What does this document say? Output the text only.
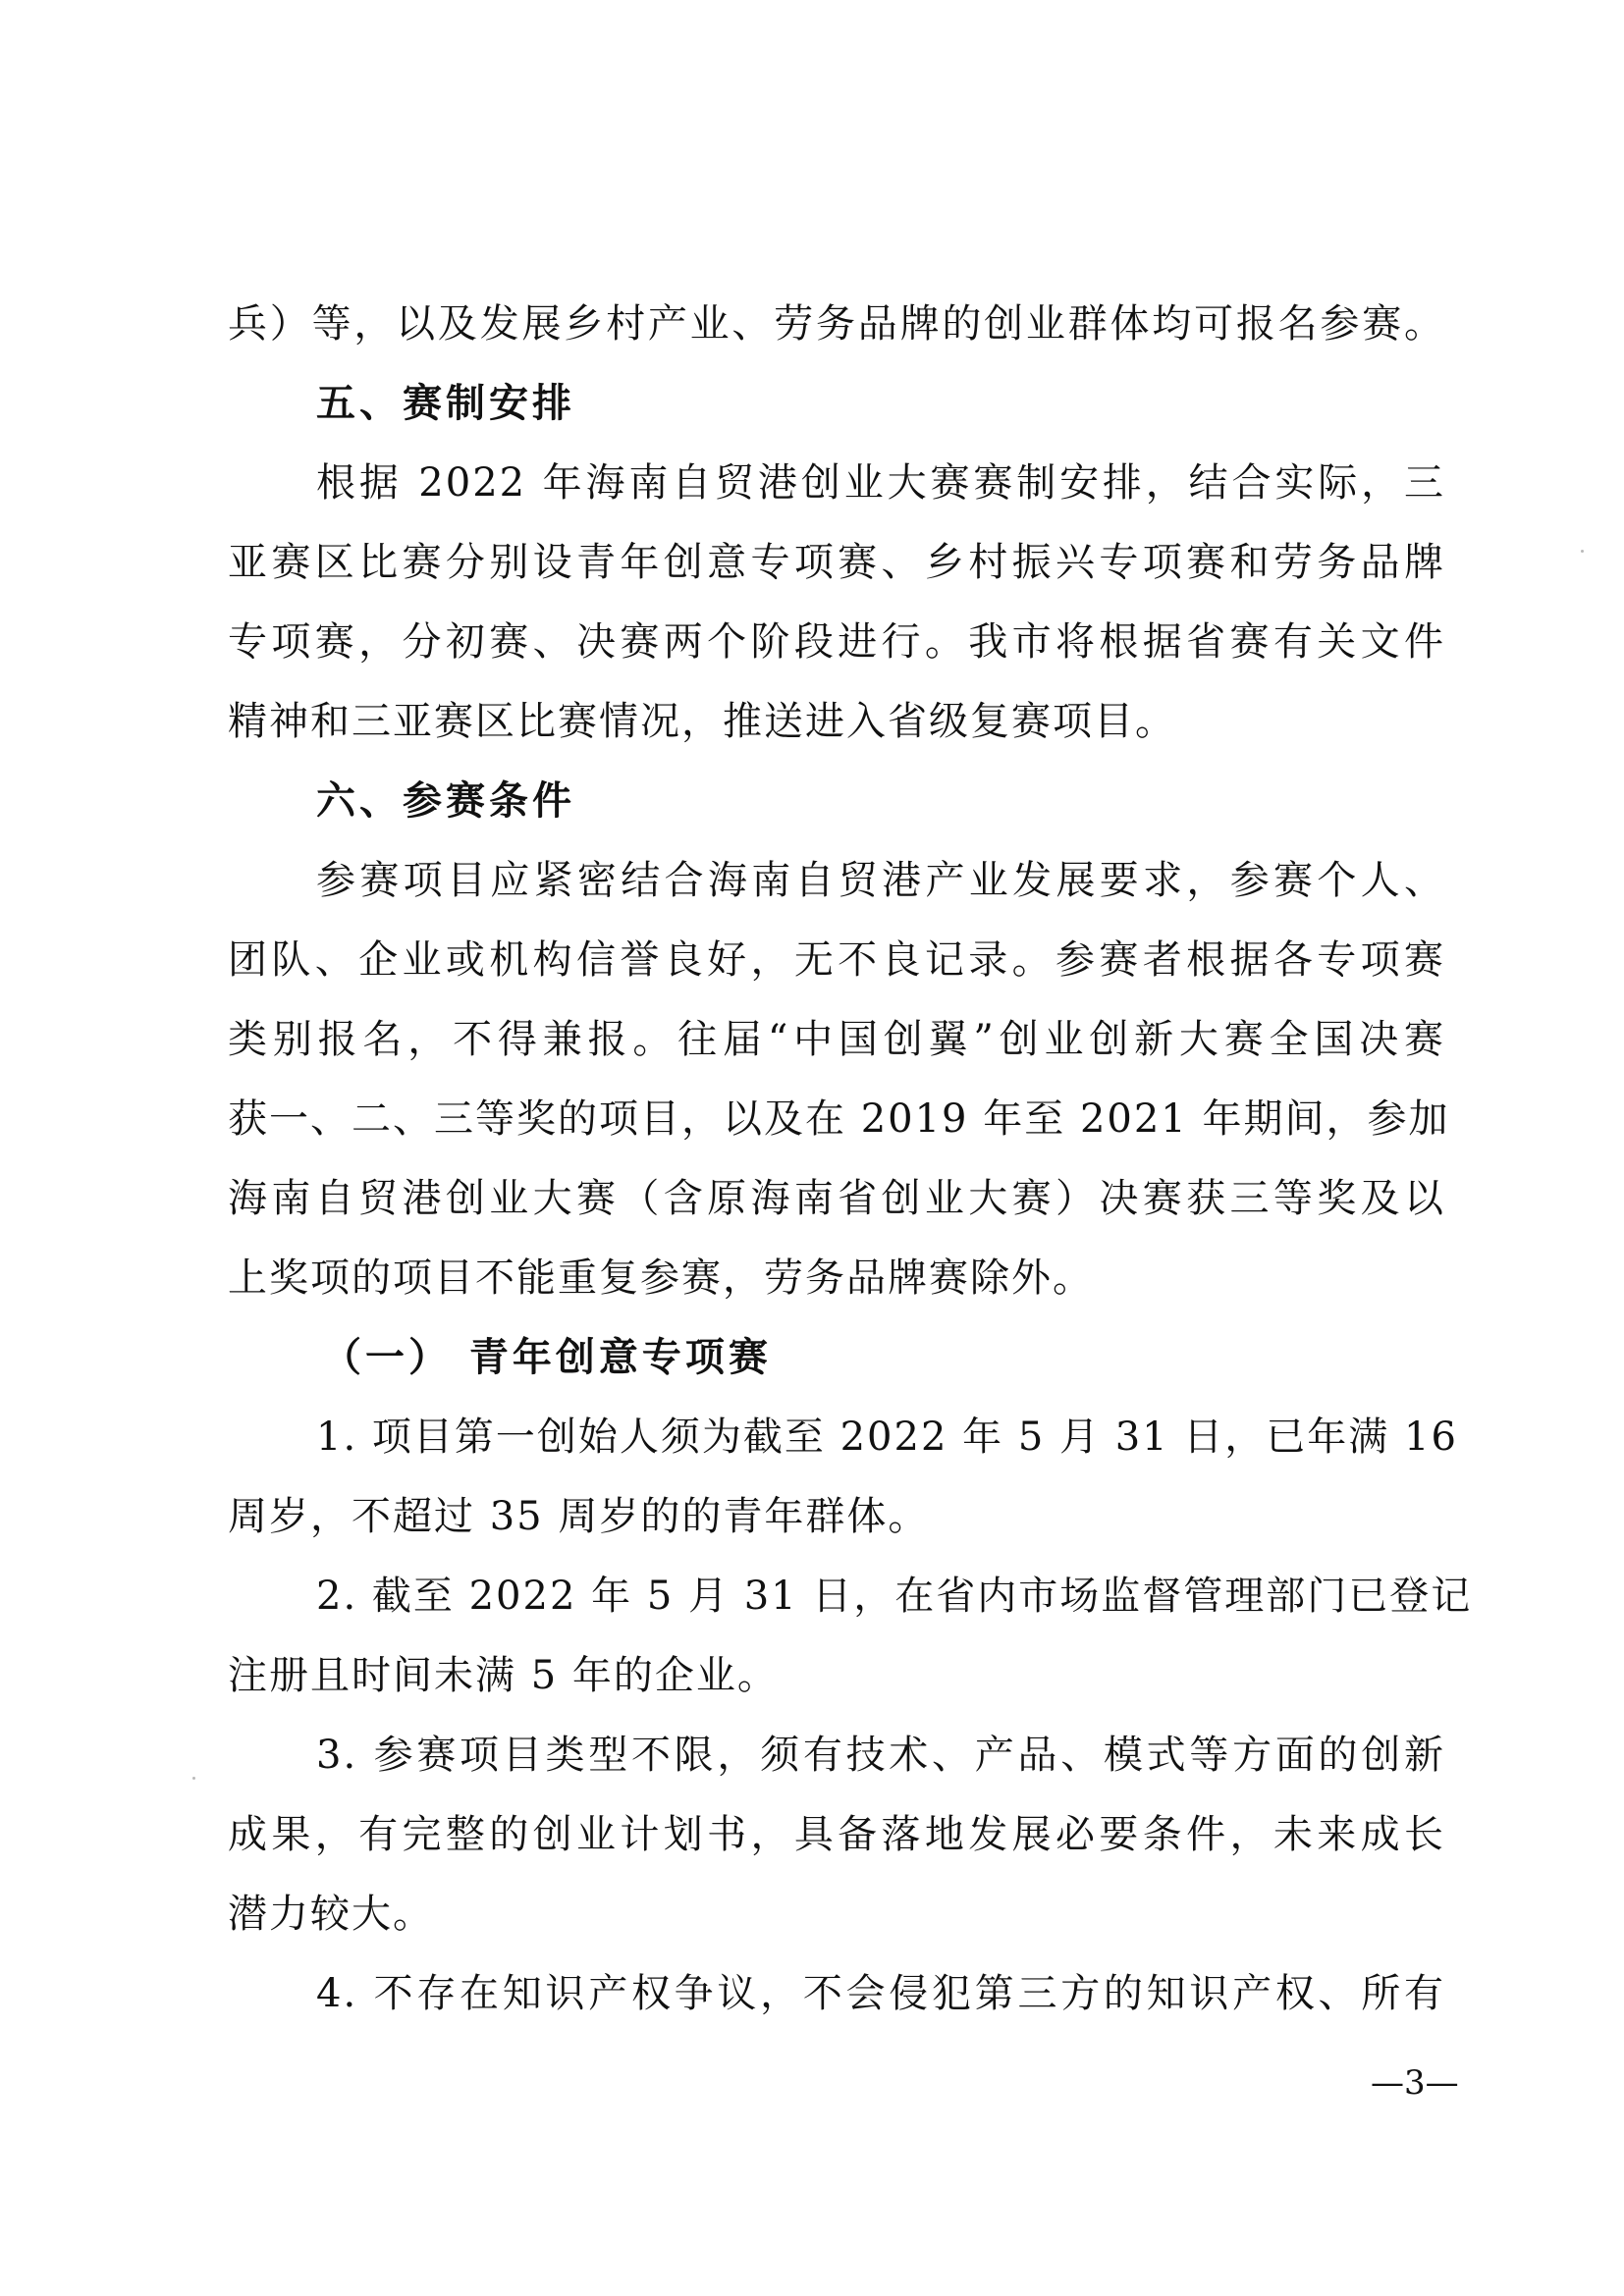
兵）等，以及发展乡村产业、劳务品牌的创业群体均可报名参赛。
五、赛制安排
根据 2022 年海南自贸港创业大赛赛制安排，结合实际，三
亚赛区比赛分别设青年创意专项赛、乡村振兴专项赛和劳务品牌
专项赛，分初赛、决赛两个阶段进行。我市将根据省赛有关文件
精神和三亚赛区比赛情况，推送进入省级复赛项目。
六、参赛条件
参赛项目应紧密结合海南自贸港产业发展要求，参赛个人、
团队、企业或机构信誉良好，无不良记录。参赛者根据各专项赛
类别报名，不得兼报。往届“中国创翼”创业创新大赛全国决赛
获一、二、三等奖的项目，以及在 2019 年至 2021 年期间，参加
海南自贸港创业大赛（含原海南省创业大赛）决赛获三等奖及以
上奖项的项目不能重复参赛，劳务品牌赛除外。
（一） 青年创意专项赛
1. 项目第一创始人须为截至 2022 年 5 月 31 日，已年满 16
周岁，不超过 35 周岁的的青年群体。
2. 截至 2022 年 5 月 31 日，在省内市场监督管理部门已登记
注册且时间未满 5 年的企业。
3. 参赛项目类型不限，须有技术、产品、模式等方面的创新
成果，有完整的创业计划书，具备落地发展必要条件，未来成长
潜力较大。
4. 不存在知识产权争议，不会侵犯第三方的知识产权、所有
—3—
